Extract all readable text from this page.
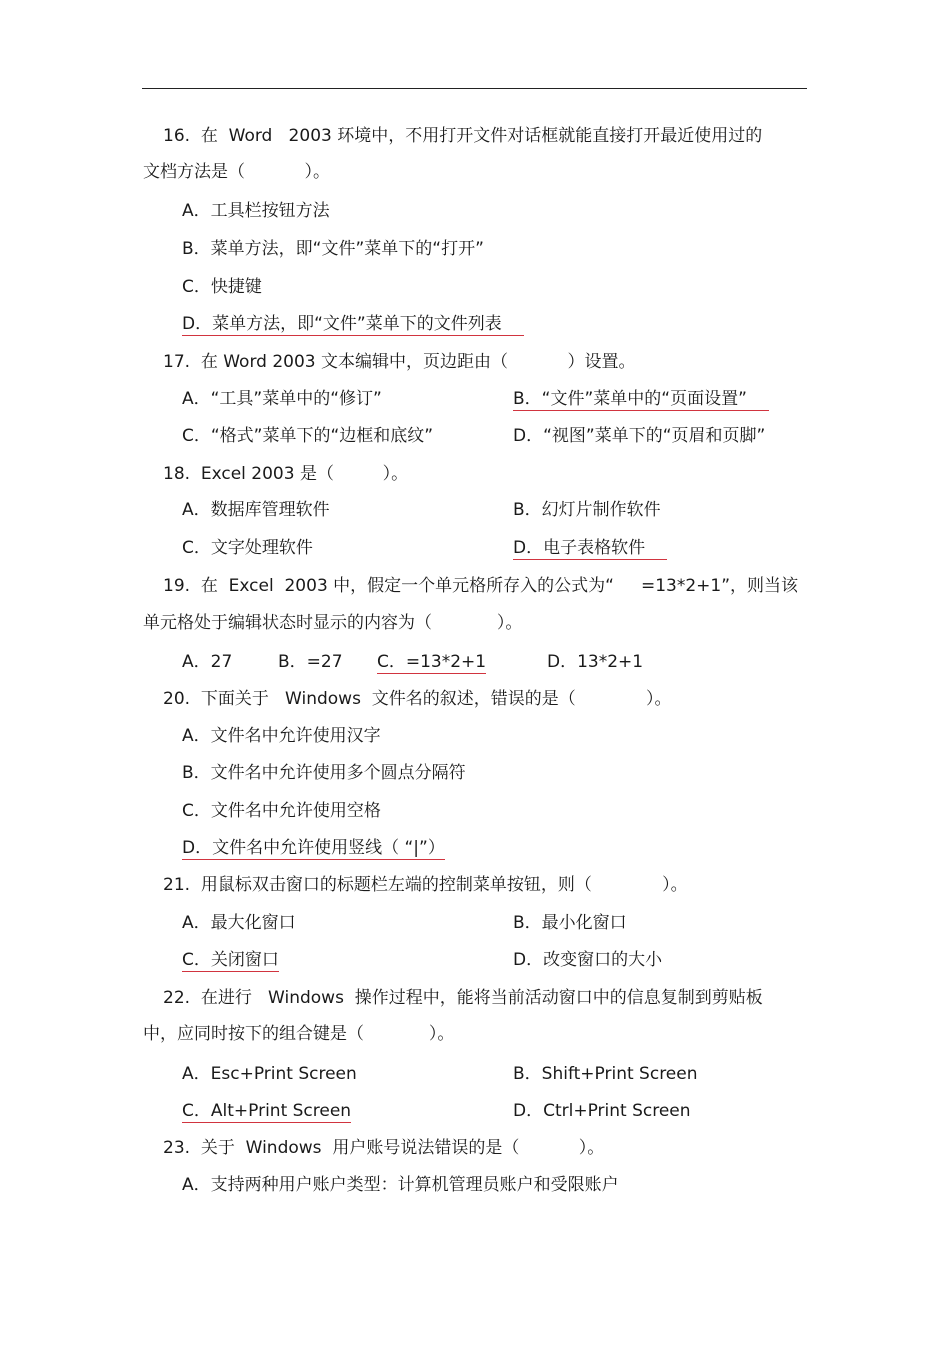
16.  在  Word   2003 环境中，不用打开文件对话框就能直接打开最近使用过的
文档方法是（           ）。
A．工具栏按钮方法
B．菜单方法，即“文件”菜单下的“打开”
C．快捷键
D．菜单方法，即“文件”菜单下的文件列表
17.  在 Word 2003 文本编辑中，页边距由（           ）设置。
A．“工具”菜单中的“修订”	B．“文件”菜单中的“页面设置”
C．“格式”菜单下的“边框和底纹”	D．“视图”菜单下的“页眉和页脚”
18.  Excel 2003 是（         ）。
A．数据库管理软件	B．幻灯片制作软件
C．文字处理软件	D．电子表格软件
19.  在  Excel  2003 中，假定一个单元格所存入的公式为“     =13*2+1”，则当该
单元格处于编辑状态时显示的内容为（            ）。
A．27	B．=27 C．=13*2+1	D．13*2+1
20.  下面关于   Windows  文件名的叙述，错误的是（             ）。
A．文件名中允许使用汉字
B．文件名中允许使用多个圆点分隔符
C．文件名中允许使用空格
D．文件名中允许使用竖线（ “|”）
21.  用鼠标双击窗口的标题栏左端的控制菜单按钮，则（             ）。
A．最大化窗口	B．最小化窗口
C．关闭窗口	D．改变窗口的大小
22.  在进行   Windows  操作过程中，能将当前活动窗口中的信息复制到剪贴板
中，应同时按下的组合键是（            ）。
A．Esc+Print Screen	B．Shift+Print Screen
C．Alt+Print Screen	D．Ctrl+Print Screen
23.  关于  Windows  用户账号说法错误的是（           ）。
A．支持两种用户账户类型：计算机管理员账户和受限账户
